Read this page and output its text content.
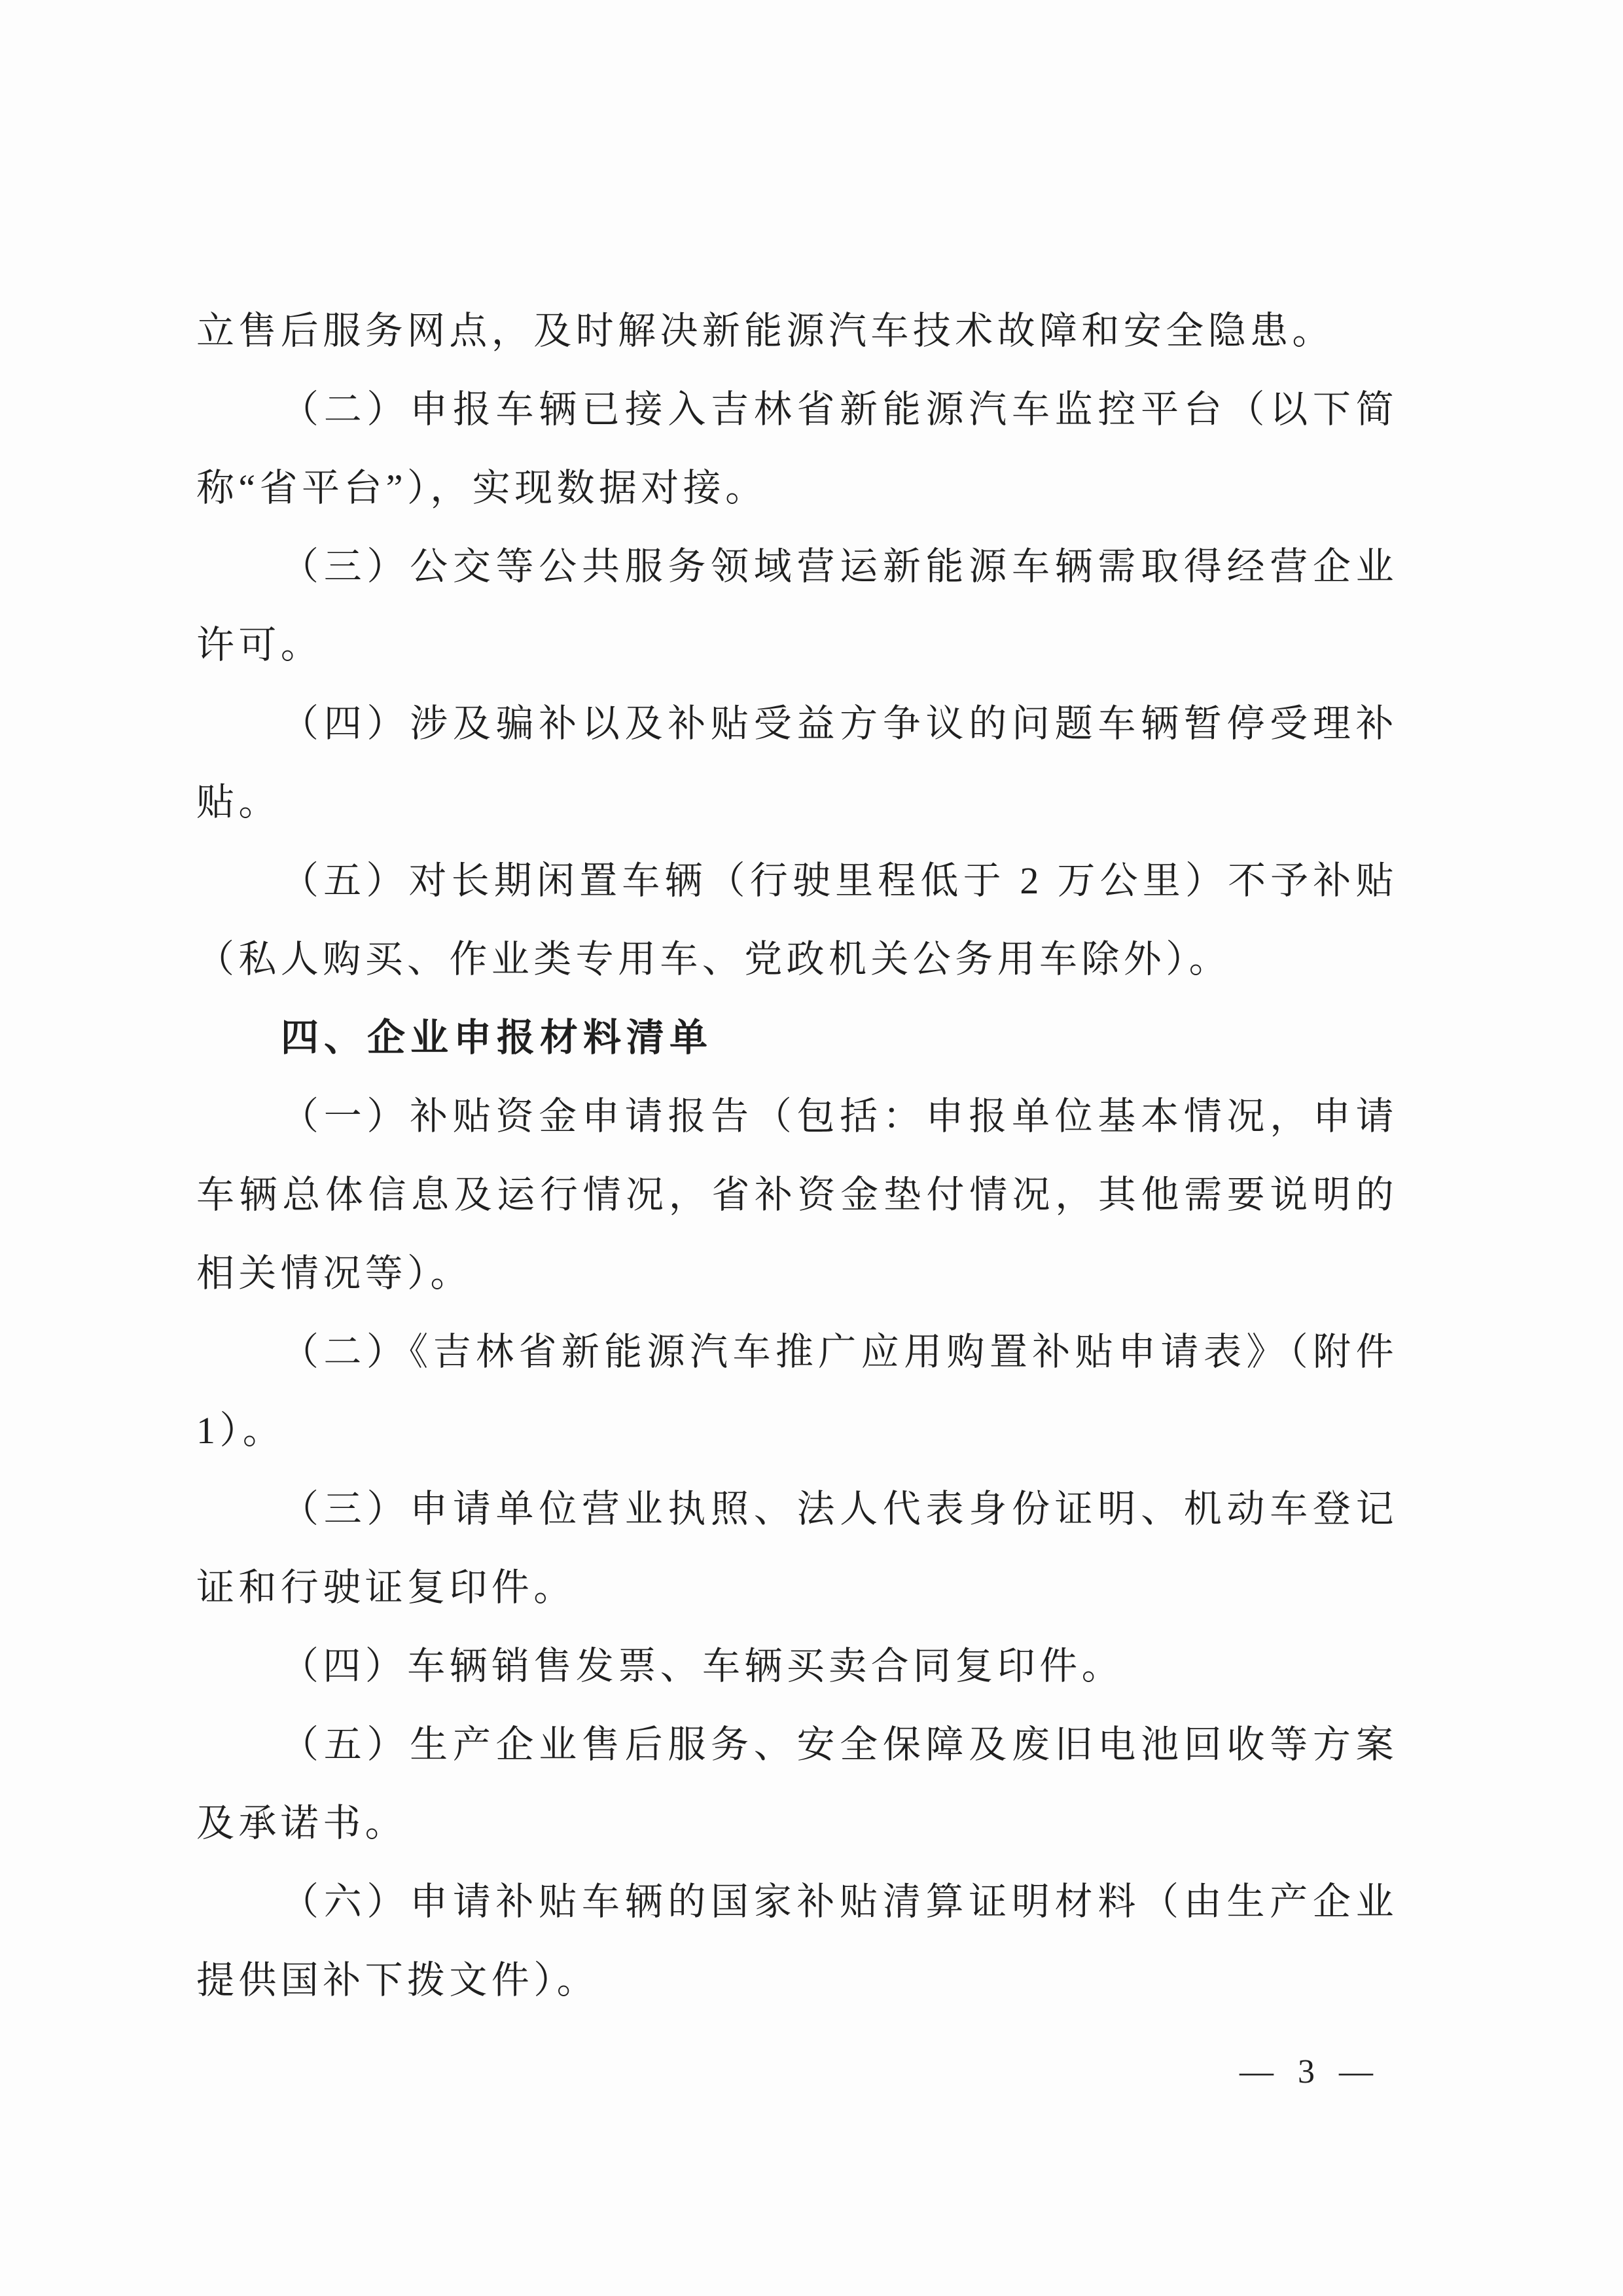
立售后服务网点，及时解决新能源汽车技术故障和安全隐患。

（二）申报车辆已接入吉林省新能源汽车监控平台（以下简称“省平台”），实现数据对接。

（三）公交等公共服务领域营运新能源车辆需取得经营企业许可。

（四）涉及骗补以及补贴受益方争议的问题车辆暂停受理补贴。

（五）对长期闲置车辆（行驶里程低于 2 万公里）不予补贴（私人购买、作业类专用车、党政机关公务用车除外）。

四、企业申报材料清单

（一）补贴资金申请报告（包括：申报单位基本情况，申请车辆总体信息及运行情况，省补资金垫付情况，其他需要说明的相关情况等）。

（二）《吉林省新能源汽车推广应用购置补贴申请表》（附件 1）。

（三）申请单位营业执照、法人代表身份证明、机动车登记证和行驶证复印件。

（四）车辆销售发票、车辆买卖合同复印件。

（五）生产企业售后服务、安全保障及废旧电池回收等方案及承诺书。

（六）申请补贴车辆的国家补贴清算证明材料（由生产企业提供国补下拨文件）。

— 3 —
